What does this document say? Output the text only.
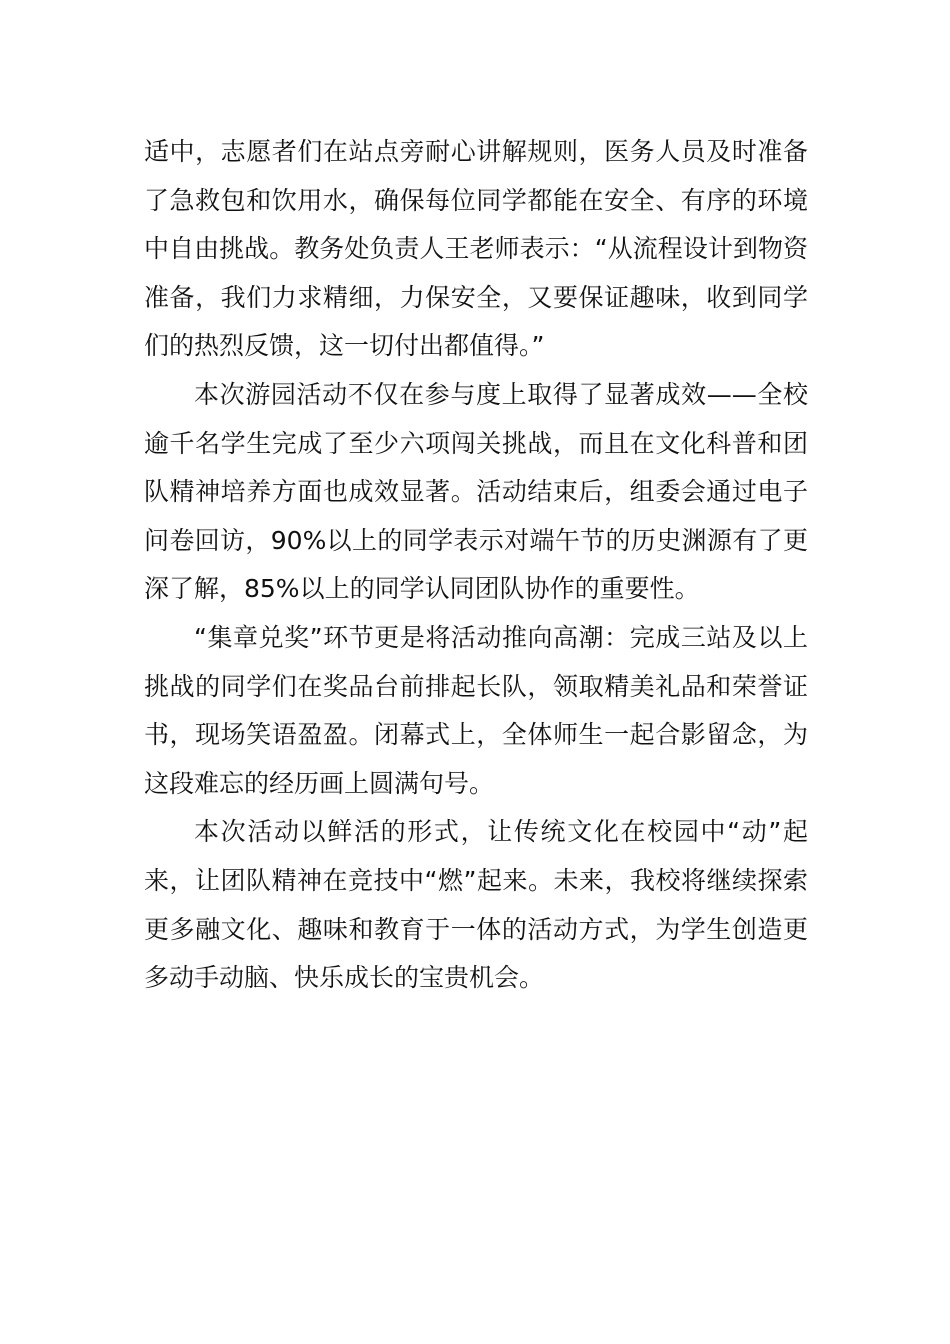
适中，志愿者们在站点旁耐心讲解规则，医务人员及时准备了急救包和饮用水，确保每位同学都能在安全、有序的环境中自由挑战。教务处负责人王老师表示：“从流程设计到物资准备，我们力求精细，力保安全，又要保证趣味，收到同学们的热烈反馈，这一切付出都值得。”

本次游园活动不仅在参与度上取得了显著成效——全校逾千名学生完成了至少六项闯关挑战，而且在文化科普和团队精神培养方面也成效显著。活动结束后，组委会通过电子问卷回访，90%以上的同学表示对端午节的历史渊源有了更深了解，85%以上的同学认同团队协作的重要性。

“集章兑奖”环节更是将活动推向高潮：完成三站及以上挑战的同学们在奖品台前排起长队，领取精美礼品和荣誉证书，现场笑语盈盈。闭幕式上，全体师生一起合影留念，为这段难忘的经历画上圆满句号。

本次活动以鲜活的形式，让传统文化在校园中“动”起来，让团队精神在竞技中“燃”起来。未来，我校将继续探索更多融文化、趣味和教育于一体的活动方式，为学生创造更多动手动脑、快乐成长的宝贵机会。
